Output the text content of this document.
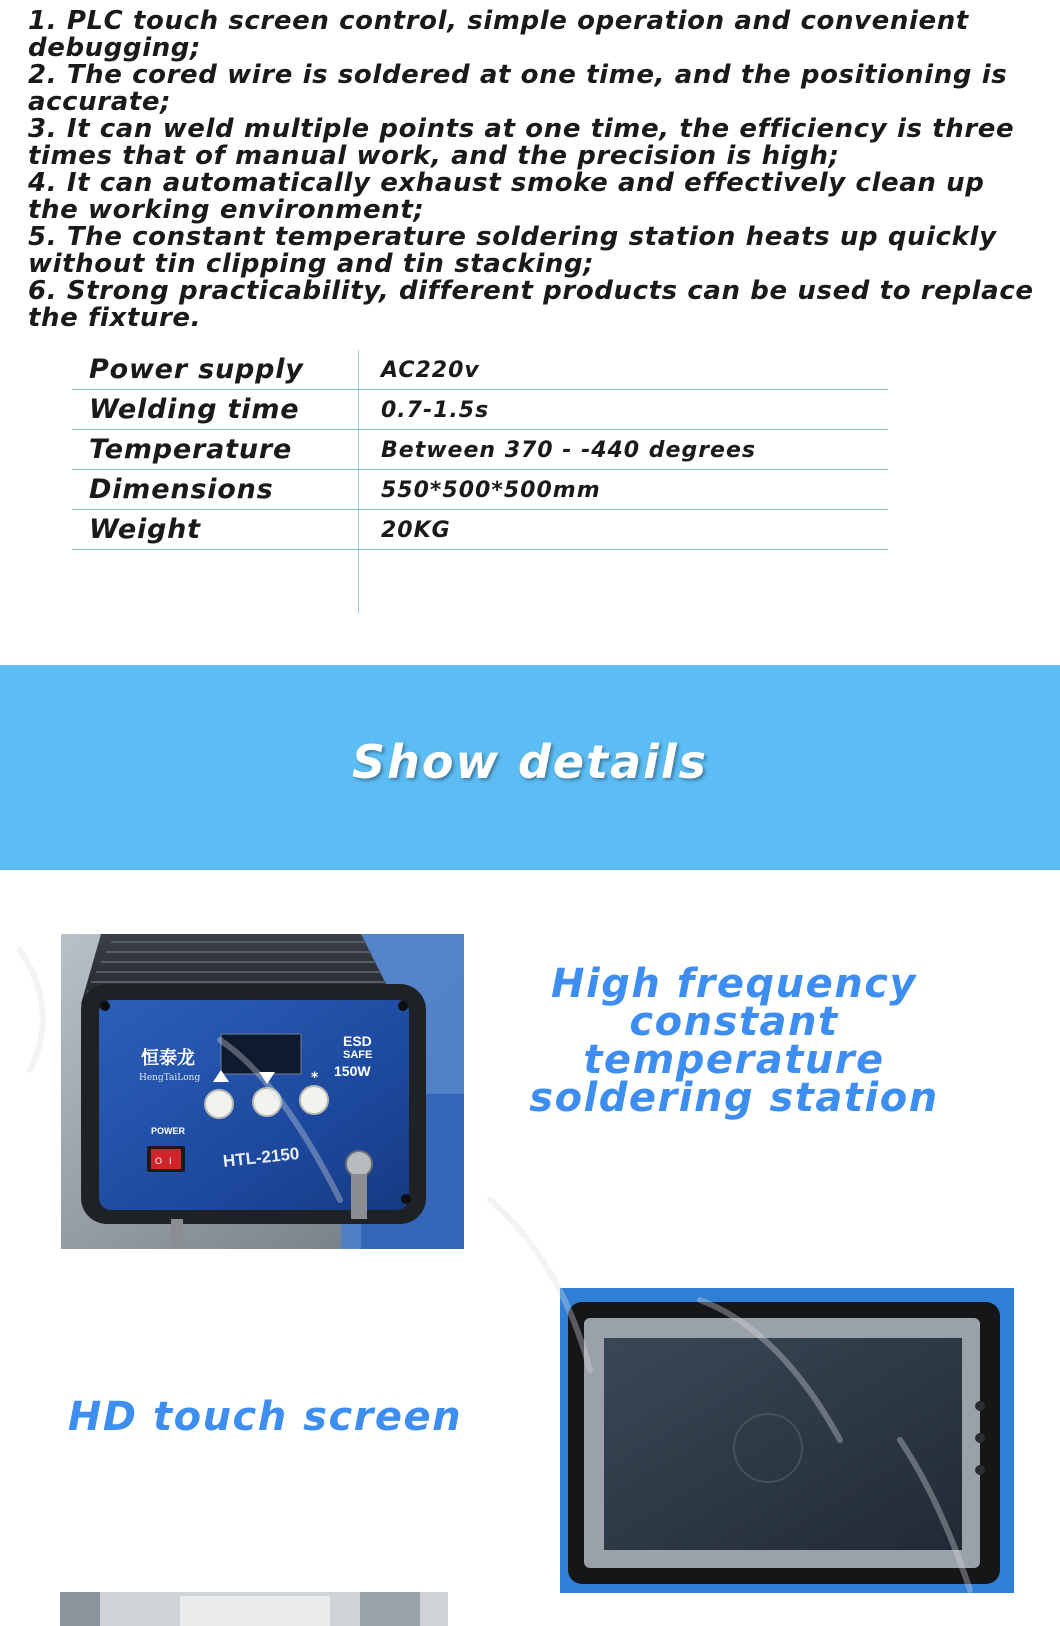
1. PLC touch screen control, simple operation and convenient debugging;
2. The cored wire is soldered at one time, and the positioning is accurate;
3. It can weld multiple points at one time, the efficiency is three times that of manual work, and the precision is high;
4. It can automatically exhaust smoke and effectively clean up the working environment;
5. The constant temperature soldering station heats up quickly without tin clipping and tin stacking;
6. Strong practicability, different products can be used to replace the fixture.
Power supply	AC220v
Welding time	0.7-1.5s
Temperature	Between 370 - -440 degrees
Dimensions	550*500*500mm
Weight	20KG
Show details
恒泰龙
HengTaiLong
ESD
SAFE
150W
*
POWER
O I	HTL-2150
High frequency constant temperature soldering station
HD touch screen
